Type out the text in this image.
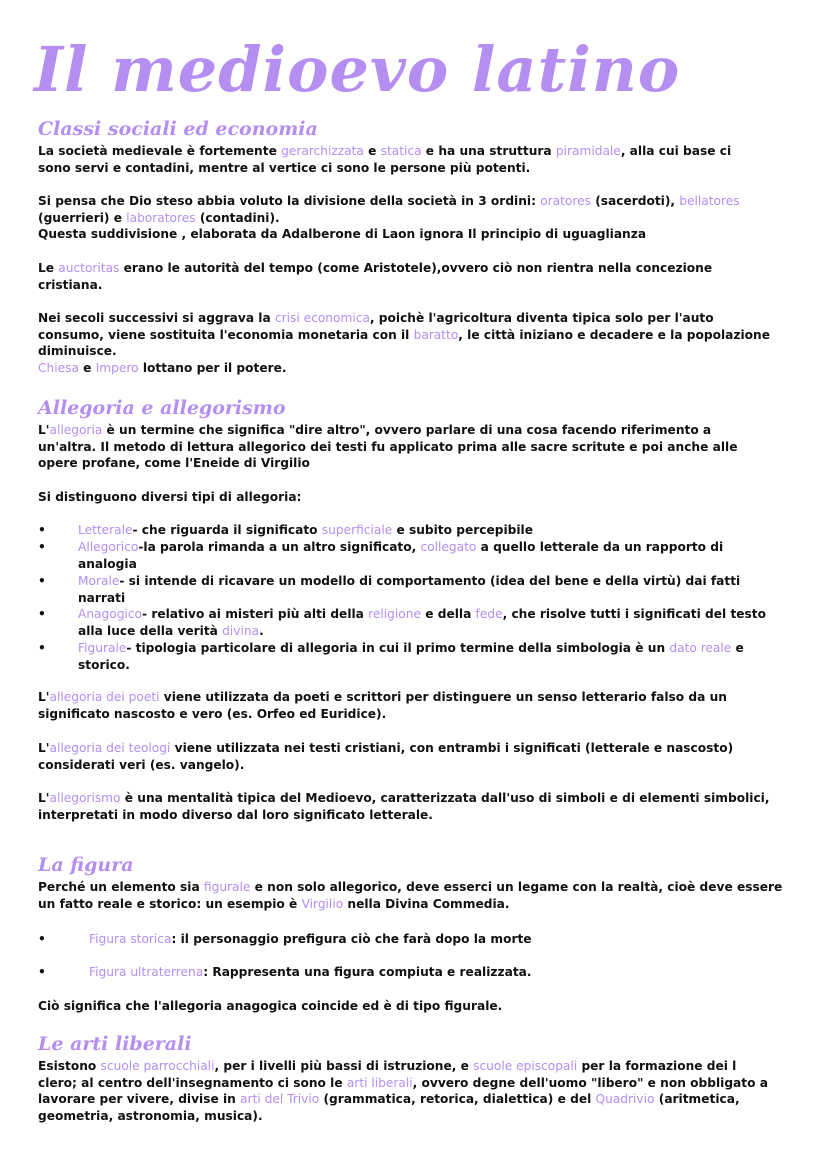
Il medioevo latino
Classi sociali ed economia
La società medievale è fortemente gerarchizzata e statica e ha una struttura piramidale, alla cui base ci
sono servi e contadini, mentre al vertice ci sono le persone più potenti.
Si pensa che Dio steso abbia voluto la divisione della società in 3 ordini: oratores (sacerdoti), bellatores
(guerrieri) e laboratores (contadini).
Questa suddivisione , elaborata da Adalberone di Laon ignora Il principio di uguaglianza
Le auctoritas erano le autorità del tempo (come Aristotele),ovvero ciò non rientra nella concezione
cristiana.
Nei secoli successivi si aggrava la crisi economica, poichè l'agricoltura diventa tipica solo per l'auto
consumo, viene sostituita l'economia monetaria con il baratto, le città iniziano e decadere e la popolazione
diminuisce.
Chiesa e Impero lottano per il potere.
Allegoria e allegorismo
L'allegoria è un termine che significa "dire altro", ovvero parlare di una cosa facendo riferimento a
un'altra. Il metodo di lettura allegorico dei testi fu applicato prima alle sacre scritute e poi anche alle
opere profane, come l'Eneide di Virgilio
Si distinguono diversi tipi di allegoria:
•	Letterale- che riguarda il significato superficiale e subito percepibile
•	Allegorico-la parola rimanda a un altro significato, collegato a quello letterale da un rapporto di
analogia
•	Morale- si intende di ricavare un modello di comportamento (idea del bene e della virtù) dai fatti
narrati
•	Anagogico- relativo ai misteri più alti della religione e della fede, che risolve tutti i significati del testo
alla luce della verità divina.
•	Figurale- tipologia particolare di allegoria in cui il primo termine della simbologia è un dato reale e
storico.
L'allegoria dei poeti viene utilizzata da poeti e scrittori per distinguere un senso letterario falso da un
significato nascosto e vero (es. Orfeo ed Euridice).
L'allegoria dei teologi viene utilizzata nei testi cristiani, con entrambi i significati (letterale e nascosto)
considerati veri (es. vangelo).
L'allegorismo è una mentalità tipica del Medioevo, caratterizzata dall'uso di simboli e di elementi simbolici,
interpretati in modo diverso dal loro significato letterale.
La figura
Perché un elemento sia figurale e non solo allegorico, deve esserci un legame con la realtà, cioè deve essere
un fatto reale e storico: un esempio è Virgilio nella Divina Commedia.
•	Figura storica: il personaggio prefigura ciò che farà dopo la morte
•	Figura ultraterrena: Rappresenta una figura compiuta e realizzata.
Ciò significa che l'allegoria anagogica coincide ed è di tipo figurale.
Le arti liberali
Esistono scuole parrocchiali, per i livelli più bassi di istruzione, e scuole episcopali per la formazione dei l
clero; al centro dell'insegnamento ci sono le arti liberali, ovvero degne dell'uomo "libero" e non obbligato a
lavorare per vivere, divise in arti del Trivio (grammatica, retorica, dialettica) e del Quadrivio (aritmetica,
geometria, astronomia, musica).
